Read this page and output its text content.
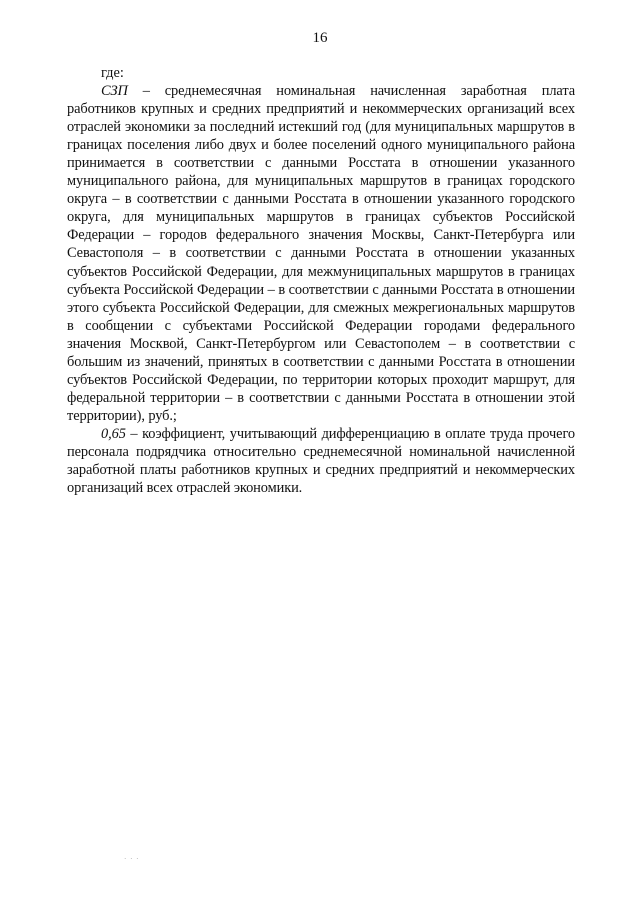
16

где:

СЗП – среднемесячная номинальная начисленная заработная плата работников крупных и средних предприятий и некоммерческих организаций всех отраслей экономики за последний истекший год (для муниципальных маршрутов в границах поселения либо двух и более поселений одного муниципального района принимается в соответствии с данными Росстата в отношении указанного муниципального района, для муниципальных маршрутов в границах городского округа – в соответствии с данными Росстата в отношении указанного городского округа, для муниципальных маршрутов в границах субъектов Российской Федерации – городов федерального значения Москвы, Санкт-Петербурга или Севастополя – в соответствии с данными Росстата в отношении указанных субъектов Российской Федерации, для межмуниципальных маршрутов в границах субъекта Российской Федерации – в соответствии с данными Росстата в отношении этого субъекта Российской Федерации, для смежных межрегиональных маршрутов в сообщении с субъектами Российской Федерации городами федерального значения Москвой, Санкт-Петербургом или Севастополем – в соответствии с большим из значений, принятых в соответствии с данными Росстата в отношении субъектов Российской Федерации, по территории которых проходит маршрут, для федеральной территории – в соответствии с данными Росстата в отношении этой территории), руб.;

0,65 – коэффициент, учитывающий дифференциацию в оплате труда прочего персонала подрядчика относительно среднемесячной номинальной начисленной заработной платы работников крупных и средних предприятий и некоммерческих организаций всех отраслей экономики.

· · ·
